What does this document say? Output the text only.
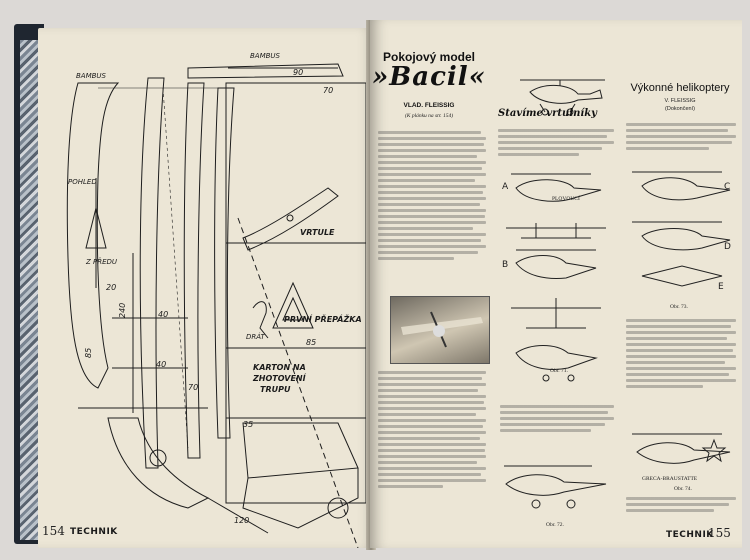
BAMBUS
BAMBUS
POHLED
Z PŘEDU
VRTULE
DRÁT
PRVNÍ PŘEPÁŽKA
KARTON NA
ZHOTOVENÍ
TRUPU
90
70
20
240
85
40
85
70
40
35
120
154 TECHNIK
Pokojový model
»Bacil«
VLAD. FLEISSIG
(K plánku na str. 154)	Stavíme vrtulníky
A
B
PLOVOUCÍ
Obr. 71.
Obr. 72.
Výkonné helikoptery
V. FLEISSIG
(Dokončení)
C
D
E
Obr. 73.
GRECA-BRAUSTATTE
Obr. 74.
TECHNIK
155
